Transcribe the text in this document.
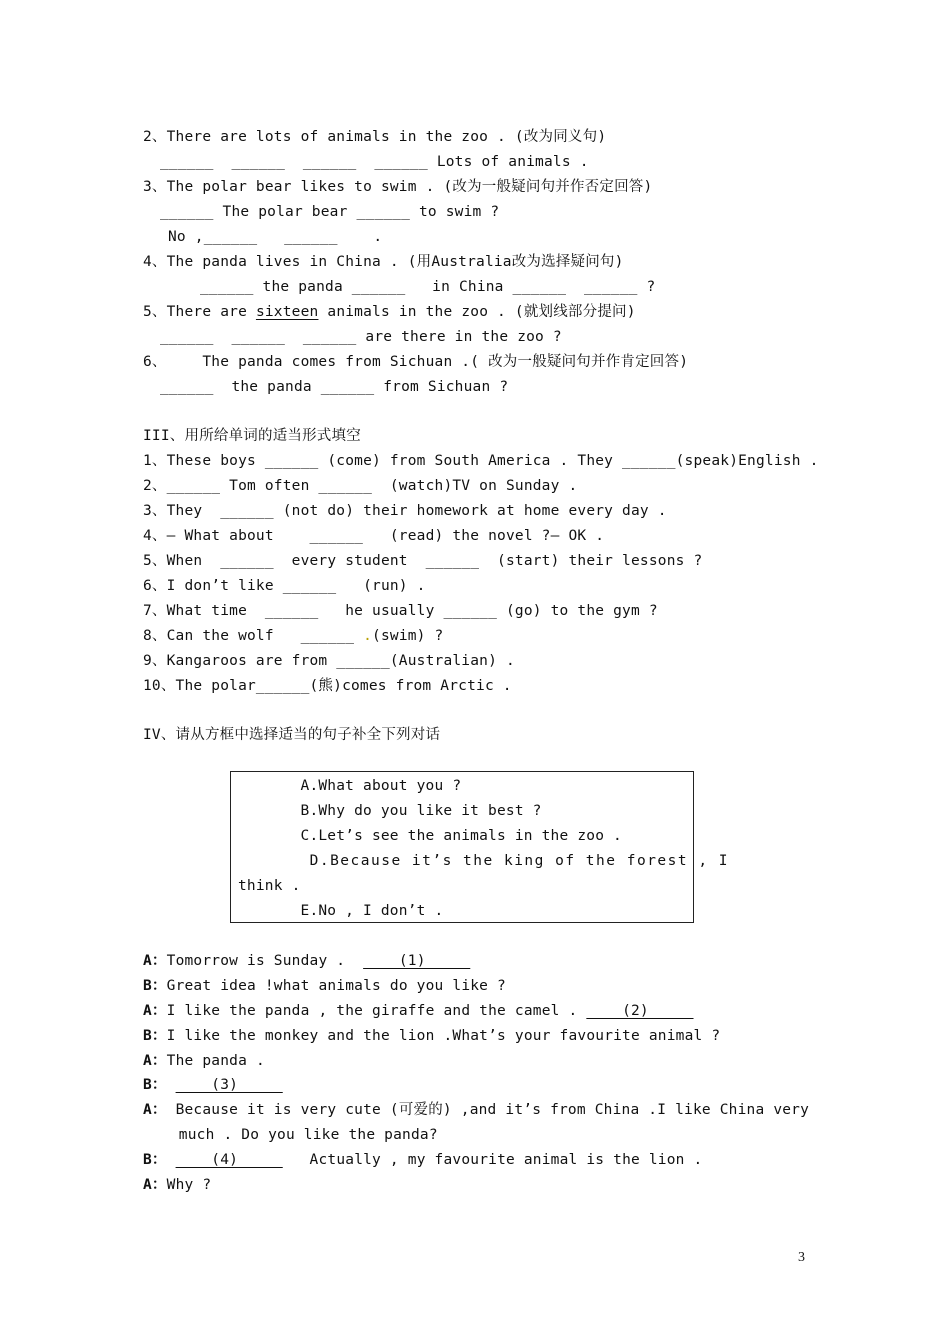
2、There are lots of animals in the zoo . (改为同义句)
______  ______  ______  ______ Lots of animals .
3、The polar bear likes to swim . (改为一般疑问句并作否定回答)
______ The polar bear ______ to swim ?
No ,______   ______    .
4、The panda lives in China . (用Australia改为选择疑问句)
______ the panda ______   in China ______  ______ ?
5、There are sixteen animals in the zoo . (就划线部分提问)
______  ______  ______ are there in the zoo ?
6、    The panda comes from Sichuan .( 改为一般疑问句并作肯定回答)
______  the panda ______ from Sichuan ?
III、用所给单词的适当形式填空
1、These boys ______ (come) from South America . They ______(speak)English .
2、______ Tom often ______  (watch)TV on Sunday .
3、They  ______ (not do) their homework at home every day .
4、— What about    ______   (read) the novel ?— OK .
5、When  ______  every student  ______  (start) their lessons ?
6、I don’t like ______   (run) .
7、What time  ______   he usually ______ (go) to the gym ?
8、Can the wolf   ______ .(swim) ?
9、Kangaroos are from ______(Australian) .
10、The polar______(熊)comes from Arctic .
IV、请从方框中选择适当的句子补全下列对话
A.What about you ?
B.Why do you like it best ?
C.Let’s see the animals in the zoo .
D.Because it’s the king of the forest , I
think .
E.No , I don’t .
A：Tomorrow is Sunday .      (1)
B：Great idea !what animals do you like ?
A：I like the panda , the giraffe and the camel .     (2)
B：I like the monkey and the lion .What’s your favourite animal ?
A：The panda .
B：     (3)
A： Because it is very cute (可爱的) ,and it’s from China .I like China very
much . Do you like the panda?
B：     (4)        Actually , my favourite animal is the lion .
A：Why ?
3
